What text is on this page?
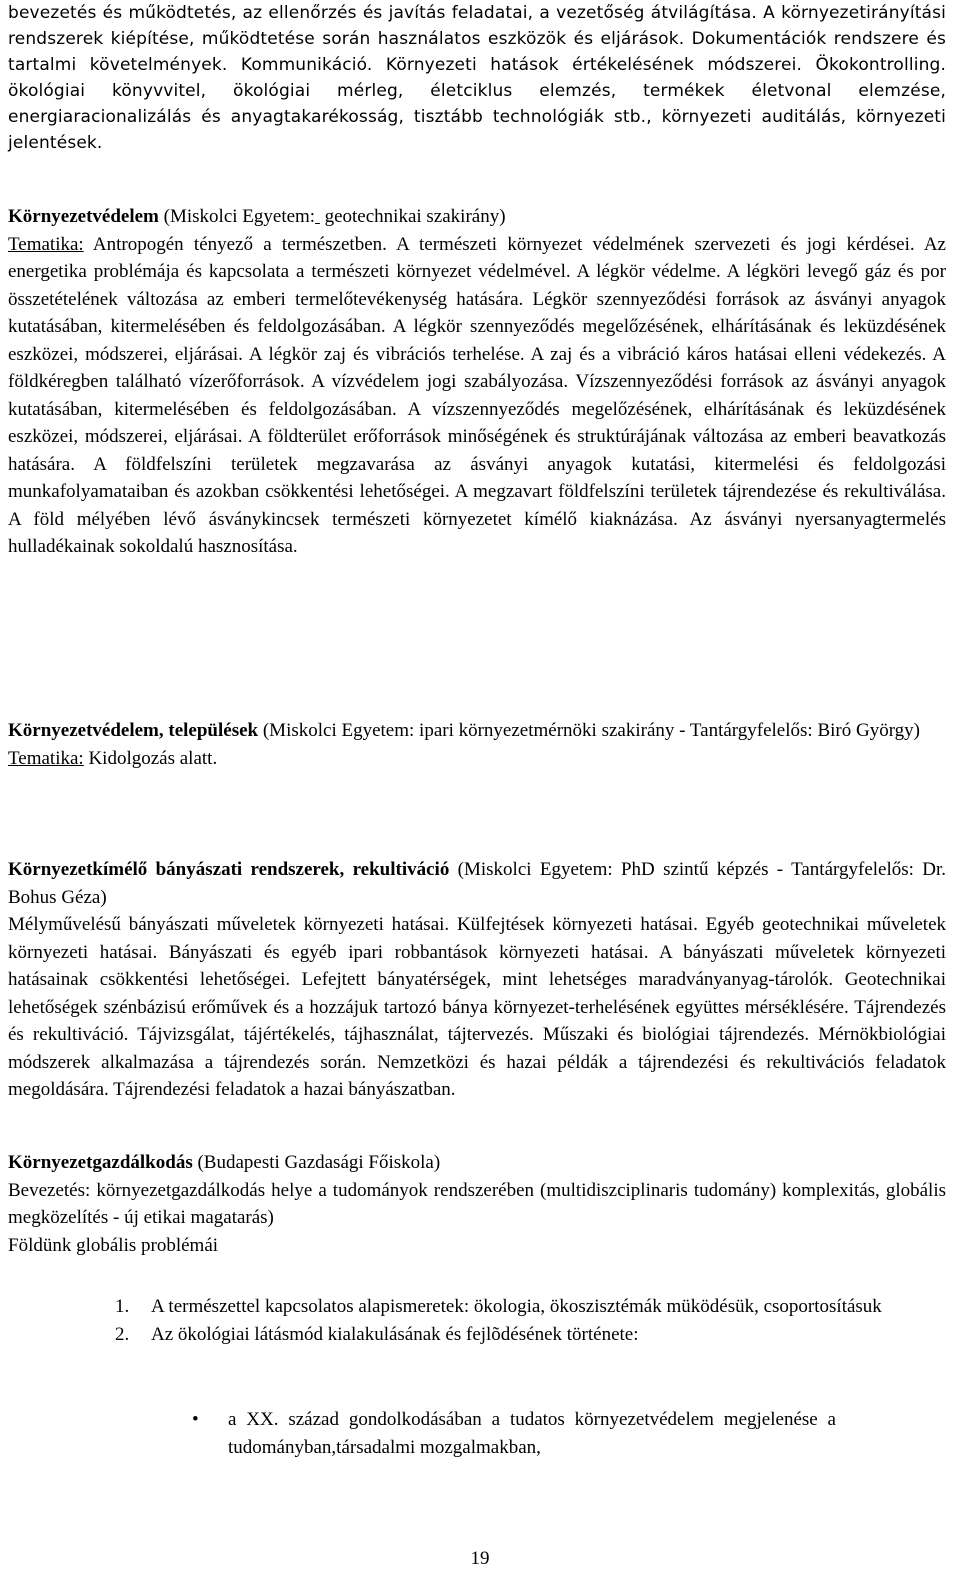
bevezetés és működtetés, az ellenőrzés és javítás feladatai, a vezetőség átvilágítása. A környezetirányítási rendszerek kiépítése, működtetése során használatos eszközök és eljárások. Dokumentációk rendszere és tartalmi követelmények. Kommunikáció. Környezeti hatások értékelésének módszerei. Ökokontrolling. ökológiai könyvvitel, ökológiai mérleg, életciklus elemzés, termékek életvonal elemzése, energiaracionalizálás és anyagtakarékosság, tisztább technológiák stb., környezeti auditálás, környezeti jelentések.

Környezetvédelem (Miskolci Egyetem:  geotechnikai szakirány)

Tematika: Antropogén tényező a természetben. A természeti környezet védelmének szervezeti és jogi kérdései. Az energetika problémája és kapcsolata a természeti környezet védelmével. A légkör védelme. A légköri levegő gáz és por összetételének változása az emberi termelőtevékenység hatására. Légkör szennyeződési források az ásványi anyagok kutatásában, kitermelésében és feldolgozásában. A légkör szennyeződés megelőzésének, elhárításának és leküzdésének eszközei, módszerei, eljárásai. A légkör zaj és vibrációs terhelése. A zaj és a vibráció káros hatásai elleni védekezés. A földkéregben található vízerőforrások. A vízvédelem jogi szabályozása. Vízszennyeződési források az ásványi anyagok kutatásában, kitermelésében és feldolgozásában. A vízszennyeződés megelőzésének, elhárításának és leküzdésének eszközei, módszerei, eljárásai. A földterület erőforrások minőségének és struktúrájának változása az emberi beavatkozás hatására. A földfelszíni területek megzavarása az ásványi anyagok kutatási, kitermelési és feldolgozási munkafolyamataiban és azokban csökkentési lehetőségei. A megzavart földfelszíni területek tájrendezése és rekultiválása. A föld mélyében lévő ásványkincsek természeti környezetet kímélő kiaknázása. Az ásványi nyersanyagtermelés hulladékainak sokoldalú hasznosítása.

Környezetvédelem, települések (Miskolci Egyetem: ipari környezetmérnöki szakirány - Tantárgyfelelős: Biró György)

Tematika: Kidolgozás alatt.

Környezetkímélő bányászati rendszerek, rekultiváció (Miskolci Egyetem: PhD szintű képzés - Tantárgyfelelős: Dr. Bohus Géza)

Mélyművelésű bányászati műveletek környezeti hatásai. Külfejtések környezeti hatásai. Egyéb geotechnikai műveletek környezeti hatásai. Bányászati és egyéb ipari robbantások környezeti hatásai. A bányászati műveletek környezeti hatásainak csökkentési lehetőségei. Lefejtett bányatérségek, mint lehetséges maradványanyag-tárolók. Geotechnikai lehetőségek szénbázisú erőművek és a hozzájuk tartozó bánya környezet-terhelésének együttes mérséklésére. Tájrendezés és rekultiváció. Tájvizsgálat, tájértékelés, tájhasználat, tájtervezés. Műszaki és biológiai tájrendezés. Mérnökbiológiai módszerek alkalmazása a tájrendezés során. Nemzetközi és hazai példák a tájrendezési és rekultivációs feladatok megoldására. Tájrendezési feladatok a hazai bányászatban.

Környezetgazdálkodás (Budapesti Gazdasági Főiskola)

Bevezetés: környezetgazdálkodás helye a tudományok rendszerében (multidiszciplinaris tudomány) komplexitás, globális megközelítés - új etikai magatarás)

Földünk globális problémái

1. A természettel kapcsolatos alapismeretek: ökologia, ökoszisztémák müködésük, csoportosításuk
2. Az ökológiai látásmód kialakulásának és fejlõdésének története:
• a XX. század gondolkodásában a tudatos környezetvédelem megjelenése a tudományban,társadalmi mozgalmakban,
19
